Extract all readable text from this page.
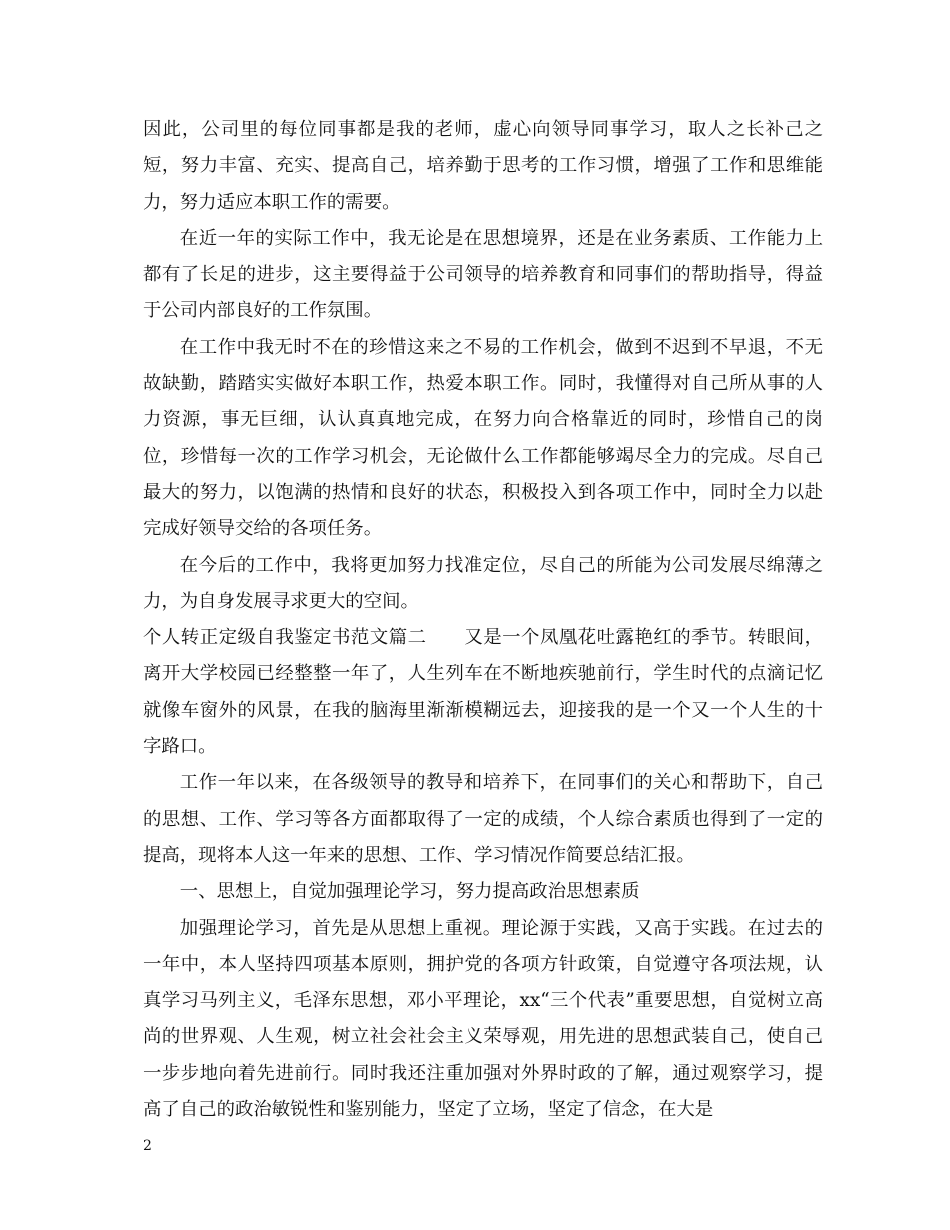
因此，公司里的每位同事都是我的老师，虚心向领导同事学习，取人之长补己之短，努力丰富、充实、提高自己，培养勤于思考的工作习惯，增强了工作和思维能力，努力适应本职工作的需要。

在近一年的实际工作中，我无论是在思想境界，还是在业务素质、工作能力上都有了长足的进步，这主要得益于公司领导的培养教育和同事们的帮助指导，得益于公司内部良好的工作氛围。

在工作中我无时不在的珍惜这来之不易的工作机会，做到不迟到不早退，不无故缺勤，踏踏实实做好本职工作，热爱本职工作。同时，我懂得对自己所从事的人力资源，事无巨细，认认真真地完成，在努力向合格靠近的同时，珍惜自己的岗位，珍惜每一次的工作学习机会，无论做什么工作都能够竭尽全力的完成。尽自己最大的努力，以饱满的热情和良好的状态，积极投入到各项工作中，同时全力以赴完成好领导交给的各项任务。

在今后的工作中，我将更加努力找准定位，尽自己的所能为公司发展尽绵薄之力，为自身发展寻求更大的空间。

个人转正定级自我鉴定书范文篇二　　又是一个凤凰花吐露艳红的季节。转眼间，离开大学校园已经整整一年了，人生列车在不断地疾驰前行，学生时代的点滴记忆就像车窗外的风景，在我的脑海里渐渐模糊远去，迎接我的是一个又一个人生的十字路口。

工作一年以来，在各级领导的教导和培养下，在同事们的关心和帮助下，自己的思想、工作、学习等各方面都取得了一定的成绩，个人综合素质也得到了一定的提高，现将本人这一年来的思想、工作、学习情况作简要总结汇报。

一、思想上，自觉加强理论学习，努力提高政治思想素质

加强理论学习，首先是从思想上重视。理论源于实践，又高于实践。在过去的一年中，本人坚持四项基本原则，拥护党的各项方针政策，自觉遵守各项法规，认真学习马列主义，毛泽东思想，邓小平理论，xx“三个代表”重要思想，自觉树立高尚的世界观、人生观，树立社会社会主义荣辱观，用先进的思想武装自己，使自己一步步地向着先进前行。同时我还注重加强对外界时政的了解，通过观察学习，提高了自己的政治敏锐性和鉴别能力，坚定了立场，坚定了信念，在大是

2
